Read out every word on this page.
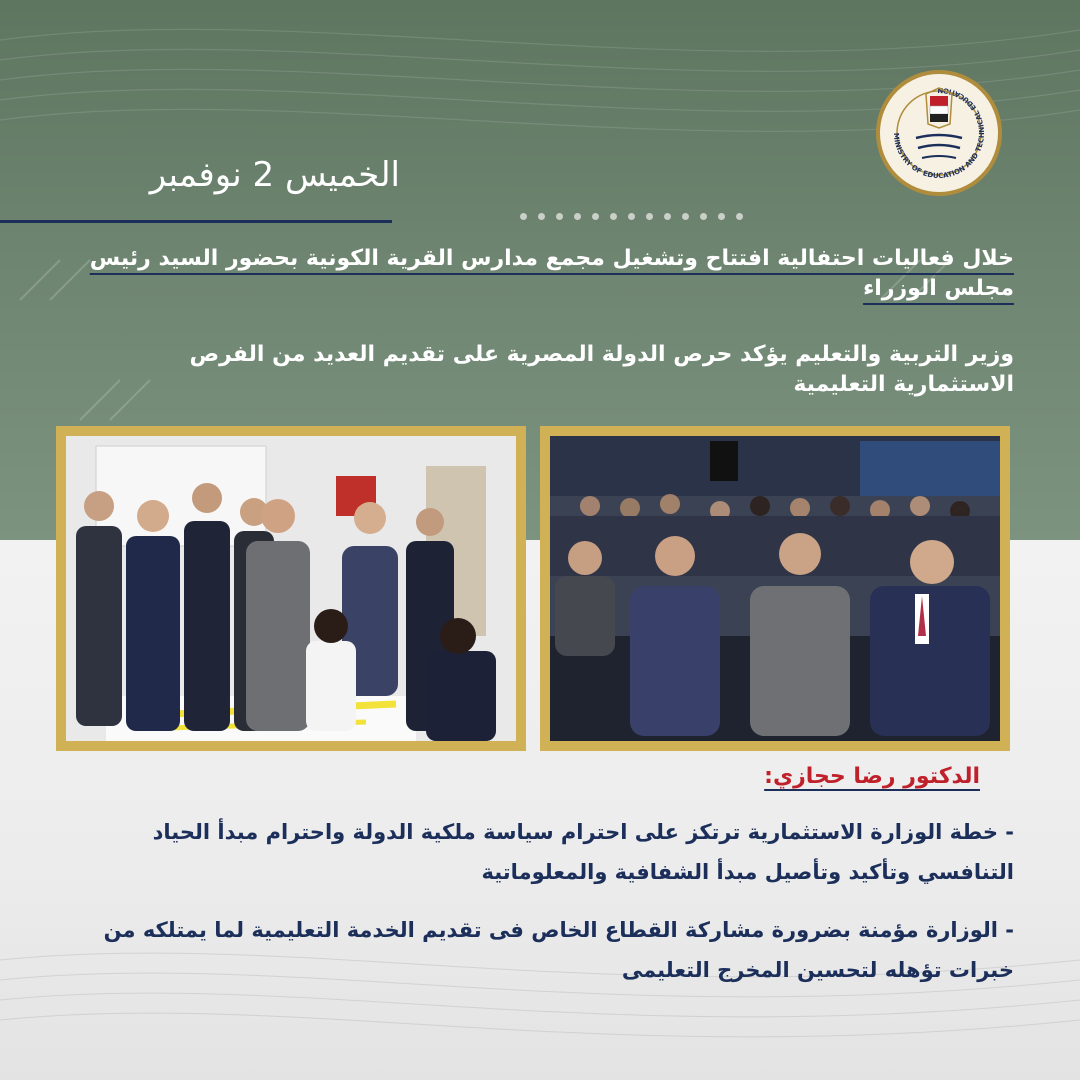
MINISTRY OF EDUCATION AND TECHNICAL EDUCATION
الخميس 2 نوفمبر
خلال فعاليات احتفالية افتتاح وتشغيل مجمع مدارس القرية الكونية بحضور السيد رئيس مجلس الوزراء
وزير التربية والتعليم يؤكد حرص الدولة المصرية على تقديم العديد من الفرص الاستثمارية التعليمية
الدكتور رضا حجازي:
- خطة الوزارة الاستثمارية ترتكز على احترام سياسة ملكية الدولة واحترام مبدأ الحياد التنافسي وتأكيد وتأصيل مبدأ الشفافية والمعلوماتية
- الوزارة مؤمنة بضرورة مشاركة القطاع الخاص فى تقديم الخدمة التعليمية لما يمتلكه من خبرات تؤهله لتحسين المخرج التعليمى
